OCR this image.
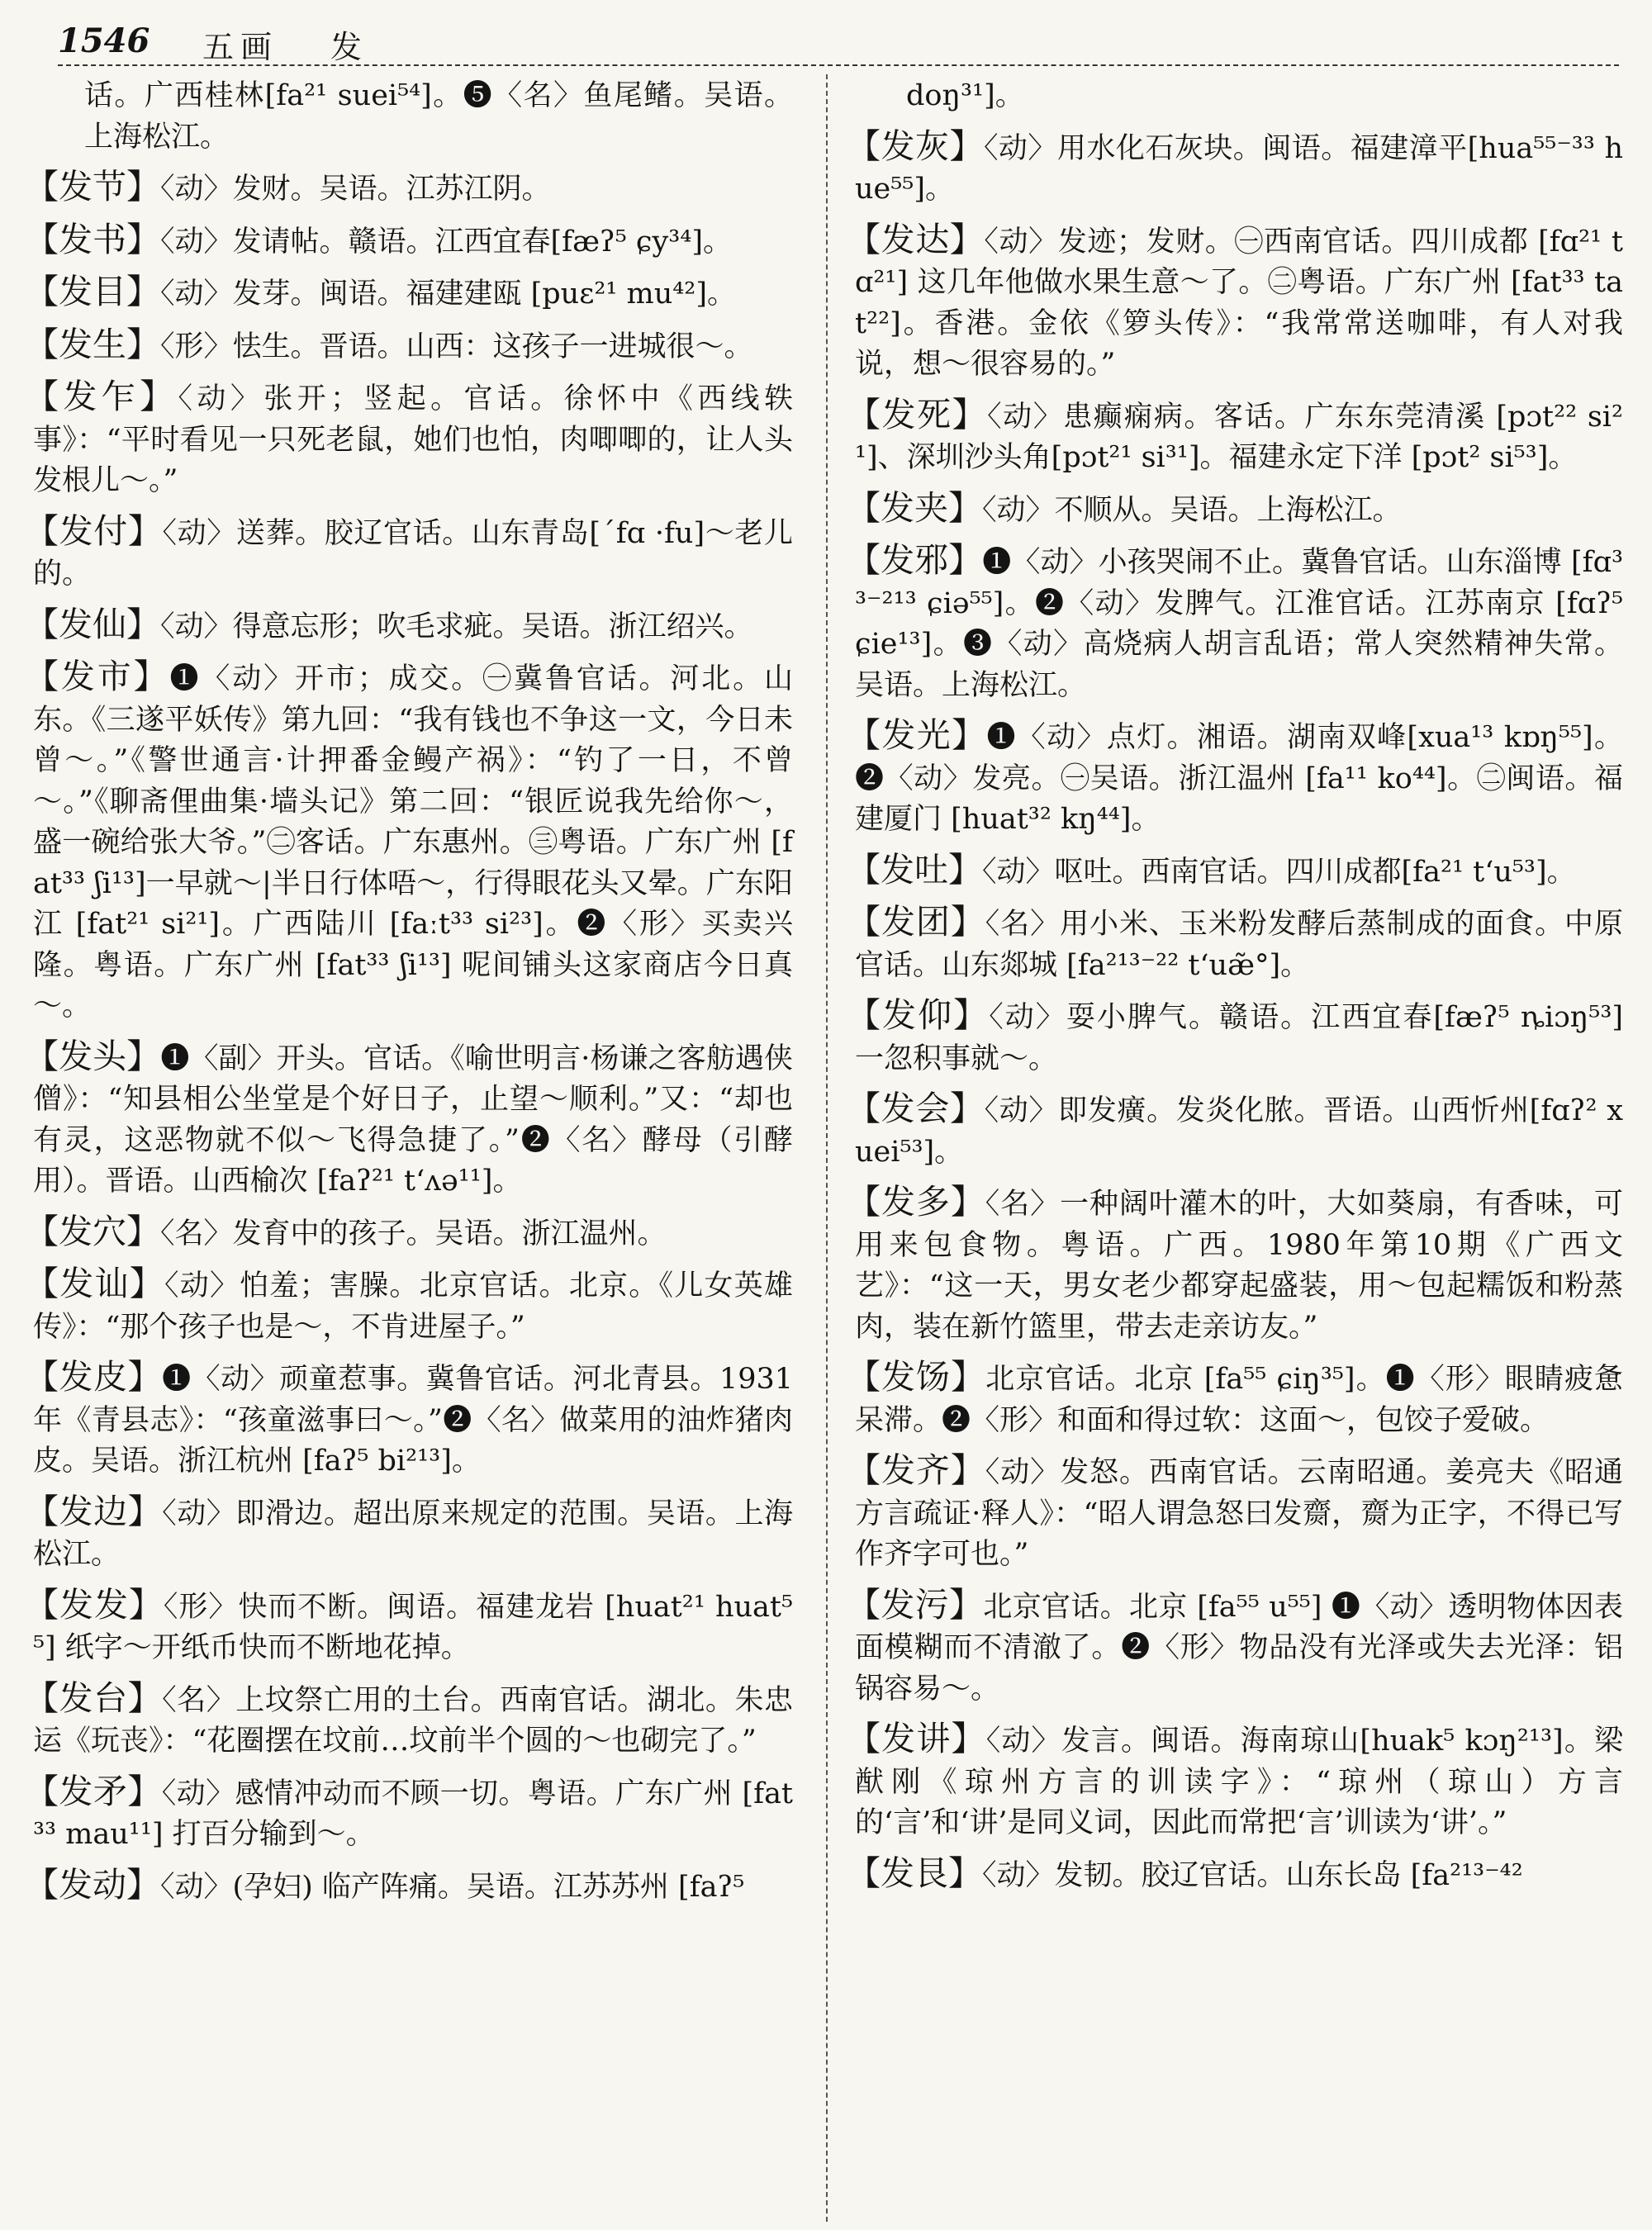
1546 五画 发

话。广西桂林[fa²¹ suei⁵⁴]。❺〈名〉鱼尾鳍。吴语。上海松江。

【发节】〈动〉发财。吴语。江苏江阴。

【发书】〈动〉发请帖。赣语。江西宜春[fæʔ⁵ ɕy³⁴]。

【发目】〈动〉发芽。闽语。福建建瓯 [puɛ²¹ mu⁴²]。

【发生】〈形〉怯生。晋语。山西：这孩子一进城很～。

【发乍】〈动〉张开；竖起。官话。徐怀中《西线轶事》：“平时看见一只死老鼠，她们也怕，肉唧唧的，让人头发根儿～。”

【发付】〈动〉送葬。胶辽官话。山东青岛[ˊfɑ ·fu]～老儿的。

【发仙】〈动〉得意忘形；吹毛求疵。吴语。浙江绍兴。

【发市】❶〈动〉开市；成交。㊀冀鲁官话。河北。山东。《三遂平妖传》第九回：“我有钱也不争这一文，今日未曾～。”《警世通言·计押番金鳗产祸》：“钓了一日，不曾～。”《聊斋俚曲集·墙头记》第二回：“银匠说我先给你～，盛一碗给张大爷。”㊁客话。广东惠州。㊂粤语。广东广州 [fat³³ ʃi¹³]一早就～|半日行体唔～，行得眼花头又晕。广东阳江 [fat²¹ si²¹]。广西陆川 [faːt³³ si²³]。❷〈形〉买卖兴隆。粤语。广东广州 [fat³³ ʃi¹³] 呢间铺头这家商店今日真～。

【发头】❶〈副〉开头。官话。《喻世明言·杨谦之客舫遇侠僧》：“知县相公坐堂是个好日子，止望～顺利。”又：“却也有灵，这恶物就不似～飞得急捷了。”❷〈名〉酵母（引酵用）。晋语。山西榆次 [faʔ²¹ tʻʌə¹¹]。

【发穴】〈名〉发育中的孩子。吴语。浙江温州。

【发讪】〈动〉怕羞；害臊。北京官话。北京。《儿女英雄传》：“那个孩子也是～，不肯进屋子。”

【发皮】❶〈动〉顽童惹事。冀鲁官话。河北青县。1931年《青县志》：“孩童滋事曰～。”❷〈名〉做菜用的油炸猪肉皮。吴语。浙江杭州 [faʔ⁵ bi²¹³]。

【发边】〈动〉即滑边。超出原来规定的范围。吴语。上海松江。

【发发】〈形〉快而不断。闽语。福建龙岩 [huat²¹ huat⁵⁵] 纸字～开纸币快而不断地花掉。

【发台】〈名〉上坟祭亡用的土台。西南官话。湖北。朱忠运《玩丧》：“花圈摆在坟前…坟前半个圆的～也砌完了。”

【发矛】〈动〉感情冲动而不顾一切。粤语。广东广州 [fat³³ mau¹¹] 打百分输到～。

【发动】〈动〉(孕妇) 临产阵痛。吴语。江苏苏州 [faʔ⁵

doŋ³¹]。

【发灰】〈动〉用水化石灰块。闽语。福建漳平[hua⁵⁵⁻³³ hue⁵⁵]。

【发达】〈动〉发迹；发财。㊀西南官话。四川成都 [fɑ²¹ tɑ²¹] 这几年他做水果生意～了。㊁粤语。广东广州 [fat³³ tat²²]。香港。金依《箩头传》：“我常常送咖啡，有人对我说，想～很容易的。”

【发死】〈动〉患癫痫病。客话。广东东莞清溪 [pɔt²² si²¹]、深圳沙头角[pɔt²¹ si³¹]。福建永定下洋 [pɔt² si⁵³]。

【发夹】〈动〉不顺从。吴语。上海松江。

【发邪】❶〈动〉小孩哭闹不止。冀鲁官话。山东淄博 [fɑ³³⁻²¹³ ɕiə⁵⁵]。❷〈动〉发脾气。江淮官话。江苏南京 [fɑʔ⁵ ɕie¹³]。❸〈动〉高烧病人胡言乱语；常人突然精神失常。吴语。上海松江。

【发光】❶〈动〉点灯。湘语。湖南双峰[xua¹³ kɒŋ⁵⁵]。❷〈动〉发亮。㊀吴语。浙江温州 [fa¹¹ ko⁴⁴]。㊁闽语。福建厦门 [huat³² kŋ⁴⁴]。

【发吐】〈动〉呕吐。西南官话。四川成都[fa²¹ tʻu⁵³]。

【发团】〈名〉用小米、玉米粉发酵后蒸制成的面食。中原官话。山东郯城 [fa²¹³⁻²² tʻuæ̃°]。

【发仰】〈动〉耍小脾气。赣语。江西宜春[fæʔ⁵ ȵiɔŋ⁵³] 一忽积事就～。

【发会】〈动〉即发癀。发炎化脓。晋语。山西忻州[fɑʔ² xuei⁵³]。

【发多】〈名〉一种阔叶灌木的叶，大如葵扇，有香味，可用来包食物。粤语。广西。1980年第10期《广西文艺》：“这一天，男女老少都穿起盛装，用～包起糯饭和粉蒸肉，装在新竹篮里，带去走亲访友。”

【发饧】北京官话。北京 [fa⁵⁵ ɕiŋ³⁵]。❶〈形〉眼睛疲惫呆滞。❷〈形〉和面和得过软：这面～，包饺子爱破。

【发齐】〈动〉发怒。西南官话。云南昭通。姜亮夫《昭通方言疏证·释人》：“昭人谓急怒曰发齌，齌为正字，不得已写作齐字可也。”

【发污】北京官话。北京 [fa⁵⁵ u⁵⁵] ❶〈动〉透明物体因表面模糊而不清澈了。❷〈形〉物品没有光泽或失去光泽：铝锅容易～。

【发讲】〈动〉发言。闽语。海南琼山[huak⁵ kɔŋ²¹³]。梁猷刚《琼州方言的训读字》：“琼州（琼山）方言的‘言’和‘讲’是同义词，因此而常把‘言’训读为‘讲’。”

【发艮】〈动〉发韧。胶辽官话。山东长岛 [fa²¹³⁻⁴²
